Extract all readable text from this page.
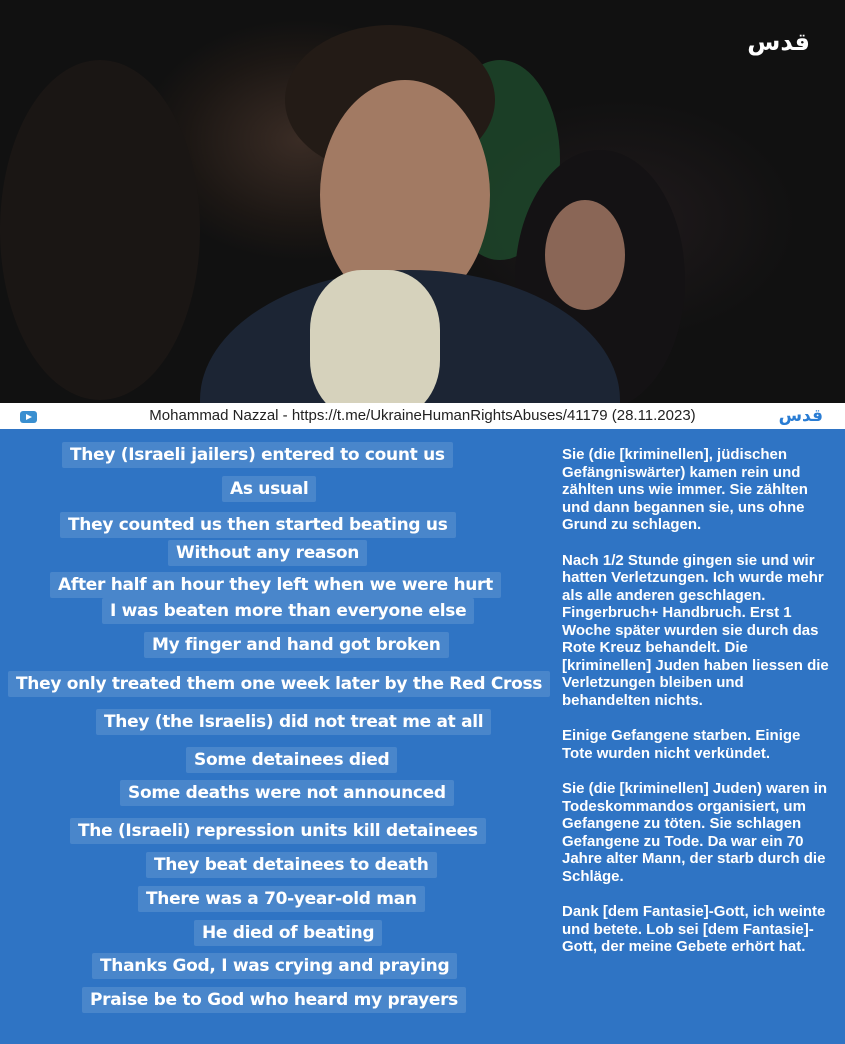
ﻗﺪﺱ
Mohammad Nazzal - https://t.me/UkraineHumanRightsAbuses/41179 (28.11.2023)	ﻗﺪﺱ
They (Israeli jailers) entered to count us
As usual
They counted us then started beating us
Without any reason
After half an hour they left when we were hurt
I was beaten more than everyone else
My finger and hand got broken
They only treated them one week later by the Red Cross
They (the Israelis) did not treat me at all
Some detainees died
Some deaths were not announced
The (Israeli) repression units kill detainees
They beat detainees to death
There was a 70-year-old man
He died of beating
Thanks God, I was crying and praying
Praise be to God who heard my prayers

Sie (die [kriminellen], jüdischen Gefängniswärter) kamen rein und zählten uns wie immer. Sie zählten und dann begannen sie, uns ohne Grund zu schlagen.

Nach 1/2 Stunde gingen sie und wir hatten Verletzungen. Ich wurde mehr als alle anderen geschlagen. Fingerbruch+ Handbruch. Erst 1 Woche später wurden sie durch das Rote Kreuz behandelt. Die [kriminellen] Juden haben liessen die Verletzungen bleiben und behandelten nichts.

Einige Gefangene starben. Einige Tote wurden nicht verkündet.

Sie (die [kriminellen] Juden) waren in Todeskommandos organisiert, um Gefangene zu töten. Sie schlagen Gefangene zu Tode. Da war ein 70 Jahre alter Mann, der starb durch die Schläge.

Dank [dem Fantasie]-Gott, ich weinte und betete. Lob sei [dem Fantasie]-Gott, der meine Gebete erhört hat.
